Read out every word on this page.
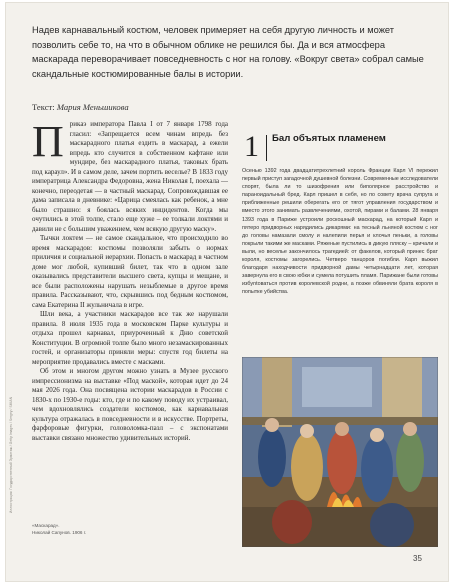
Иллюстрация: Государственный Эрмитаж / Getty Images / Sergey / SMIAN
Надев карнавальный костюм, человек примеряет на себя другую личность и может позволить себе то, на что в обычном облике не решился бы. Да и вся атмосфера маскарада переворачивает повседневность с ног на голову. «Вокруг света» собрал самые скандальные костюмированные балы в истории.
Текст: Мария Меньшикова
П рикаэ императора Павла I от 7 января 1798 года гласил: «Запрещается всем чинам впредь без маскарадного платья ездить в маскарад, а ежели впредь кто случится в собственном кафтане или мундире, без маскарадного платья, таковых брать под караул». И в самом деле, зачем портить веселье? В 1833 году императрица Александра Федоровна, жена Николая I, поехала — конечно, переодетая — в частный маскарад. Сопровождавшая ее дама записала в дневнике: «Царица смеялась как ребенок, а мне было страшно: я боялась всяких инцидентов. Когда мы очутились в этой толпе, стало еще хуже – ее толкали локтями и давили не с большим уважением, чем всякую другую маску».

Тычки локтем — не самое скандальное, что происходило во время маскарадов: костюмы позволяли забыть о нормах приличия и социальной иерархии. Попасть в маскарад в частном доме мог любой, купивший билет, так что в одном зале оказывались представители высшего света, купцы и мещане, и все были расположены нарушать незыблемые в другое время правила. Рассказывают, что, скрывшись под бедным костюмом, сама Екатерина II жульничала в игре.

Шли века, а участники маскарадов все так же нарушали правила. 8 июля 1935 года в московском Парке культуры и отдыха прошел карнавал, приуроченный к Дню советской Конституции. В огромной толпе было много незамаскированных гостей, и организаторы приняли меры: спустя год билеты на мероприятие продавались вместе с масками.

Об этом и многом другом можно узнать в Музее русского импрессионизма на выставке «Под маской», которая идет до 24 мая 2026 года. Она посвящена истории маскарадов в России с 1830-х по 1930-е годы: кто, где и по какому поводу их устраивал, чем вдохновлялись создатели костюмов, как карнавальная культура отражалась в повседневности и в искусстве. Портреты, фарфоровые фигурки, головоломка-пазл – с экспонатами выставки связано множество удивительных историй.

«Маскарад».
Николай Сапунов. 1906 г.
1 Бал объятых пламенем

Осенью 1392 года двадцатитрехлетний король Франции Карл VI пережил первый приступ загадочной душевной болезни. Современные исследователи спорят, была ли то шизофрения или биполярное расстройство и параноидальный бред. Карл пришел в себя, но по совету врача супруга и приближенные решили оберегать его от тягот управления государством и вместо этого занимать развлечениями, охотой, пирами и балами. 28 января 1393 года в Париже устроили роскошный маскарад, на который Карл и пятеро придворных нарядились дикарями: на тесный льняной костюм с ног до головы намазали смолу и налепили перья и клочья пеньки, а головы покрыли такими же масками. Ряженые пустились в дикую пляску – кричали и выли, но веселье закончилось трагедией: от факелов, который принес брат короля, костюмы загорелись. Четверо танцоров погибли. Карл выжил благодаря находчивости придворной дамы четырнадцати лет, которая завернула его в свою юбки и сумела потушить пламя. Парижане были готовы избуntоваться против королевской родни, а позже обвиняли брата короля в попытке убийства.

35
